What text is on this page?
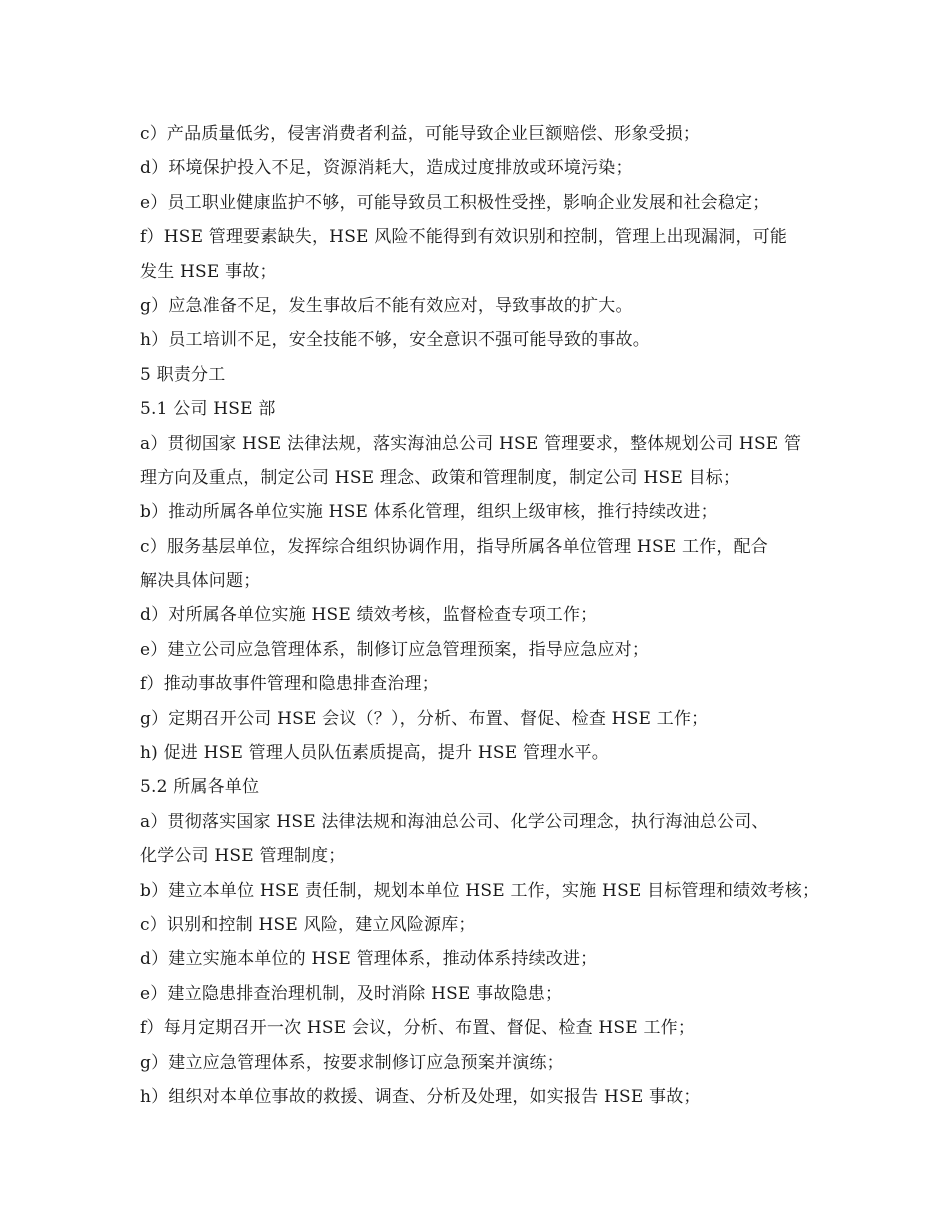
c）产品质量低劣，侵害消费者利益，可能导致企业巨额赔偿、形象受损；
d）环境保护投入不足，资源消耗大，造成过度排放或环境污染；
e）员工职业健康监护不够，可能导致员工积极性受挫，影响企业发展和社会稳定；
f）HSE 管理要素缺失，HSE 风险不能得到有效识别和控制，管理上出现漏洞，可能
发生 HSE 事故；
g）应急准备不足，发生事故后不能有效应对，导致事故的扩大。
h）员工培训不足，安全技能不够，安全意识不强可能导致的事故。
5 职责分工
5.1 公司 HSE 部
a）贯彻国家 HSE 法律法规，落实海油总公司 HSE 管理要求，整体规划公司 HSE 管
理方向及重点，制定公司 HSE 理念、政策和管理制度，制定公司 HSE 目标；
b）推动所属各单位实施 HSE 体系化管理，组织上级审核，推行持续改进；
c）服务基层单位，发挥综合组织协调作用，指导所属各单位管理 HSE 工作，配合
解决具体问题；
d）对所属各单位实施 HSE 绩效考核，监督检查专项工作；
e）建立公司应急管理体系，制修订应急管理预案，指导应急应对；
f）推动事故事件管理和隐患排查治理；
g）定期召开公司 HSE 会议（？），分析、布置、督促、检查 HSE 工作；
h) 促进 HSE 管理人员队伍素质提高，提升 HSE 管理水平。
5.2 所属各单位
a）贯彻落实国家 HSE 法律法规和海油总公司、化学公司理念，执行海油总公司、
化学公司 HSE 管理制度；
b）建立本单位 HSE 责任制，规划本单位 HSE 工作，实施 HSE 目标管理和绩效考核；
c）识别和控制 HSE 风险，建立风险源库；
d）建立实施本单位的 HSE 管理体系，推动体系持续改进；
e）建立隐患排查治理机制，及时消除 HSE 事故隐患；
f）每月定期召开一次 HSE 会议，分析、布置、督促、检查 HSE 工作；
g）建立应急管理体系，按要求制修订应急预案并演练；
h）组织对本单位事故的救援、调查、分析及处理，如实报告 HSE 事故；
